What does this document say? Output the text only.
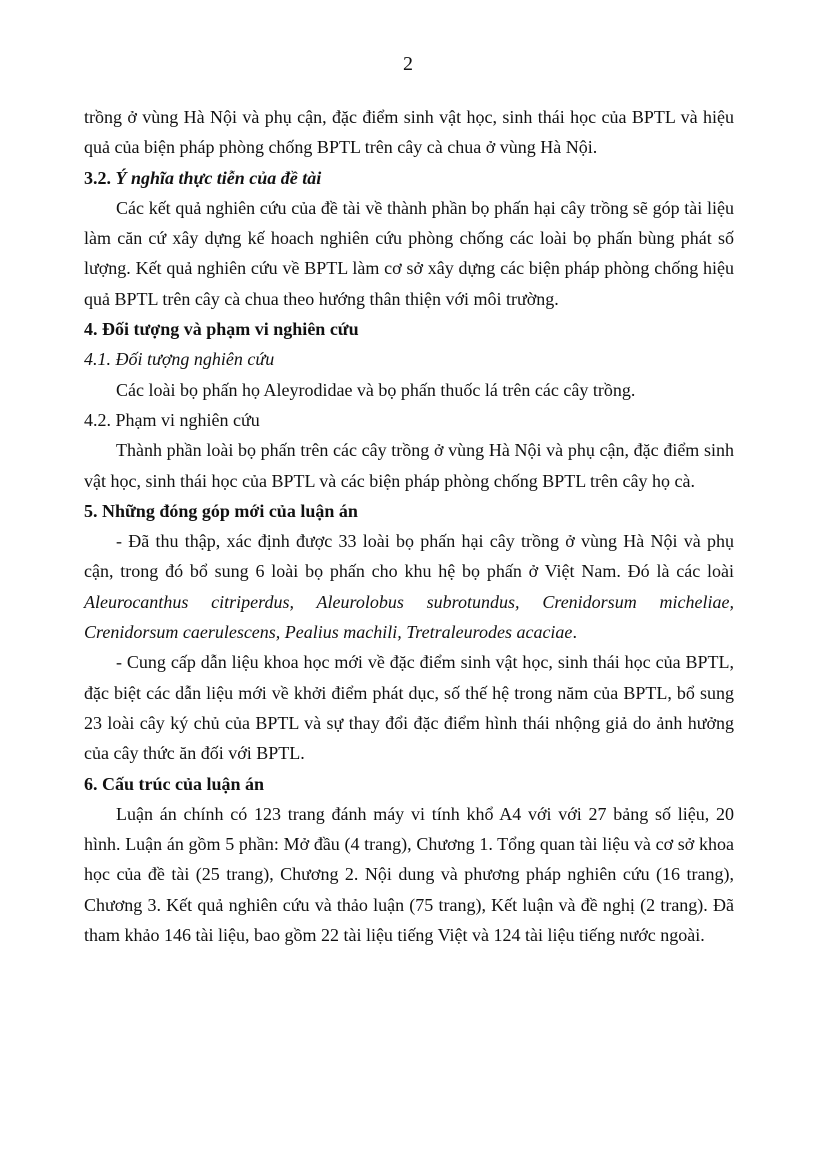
2

trồng ở vùng Hà Nội và phụ cận, đặc điểm sinh vật học, sinh thái học của BPTL và hiệu quả của biện pháp phòng chống BPTL trên cây cà chua ở vùng Hà Nội.

3.2. Ý nghĩa thực tiễn của đề tài

Các kết quả nghiên cứu của đề tài về thành phần bọ phấn hại cây trồng sẽ góp tài liệu làm căn cứ xây dựng kế hoach nghiên cứu phòng chống các loài bọ phấn bùng phát số lượng. Kết quả nghiên cứu về BPTL làm cơ sở xây dựng các biện pháp phòng chống hiệu quả BPTL trên cây cà chua theo hướng thân thiện với môi trường.

4. Đối tượng và phạm vi nghiên cứu

4.1. Đối tượng nghiên cứu

Các loài bọ phấn họ Aleyrodidae và bọ phấn thuốc lá trên các cây trồng.

4.2. Phạm vi nghiên cứu

Thành phần loài bọ phấn trên các cây trồng ở vùng Hà Nội và phụ cận, đặc điểm sinh vật học, sinh thái học của BPTL và các biện pháp phòng chống BPTL trên cây họ cà.

5. Những đóng góp mới của luận án

- Đã thu thập, xác định được 33 loài bọ phấn hại cây trồng ở vùng Hà Nội và phụ cận, trong đó bổ sung 6 loài bọ phấn cho khu hệ bọ phấn ở Việt Nam. Đó là các loài Aleurocanthus citriperdus, Aleurolobus subrotundus, Crenidorsum micheliae, Crenidorsum caerulescens, Pealius machili, Tretraleurodes acaciae.

- Cung cấp dẫn liệu khoa học mới về đặc điểm sinh vật học, sinh thái học của BPTL, đặc biệt các dẫn liệu mới về khởi điểm phát dục, số thế hệ trong năm của BPTL, bổ sung 23 loài cây ký chủ của BPTL và sự thay đổi đặc điểm hình thái nhộng giả do ảnh hưởng của cây thức ăn đối với BPTL.

6. Cấu trúc của luận án

Luận án chính có 123 trang đánh máy vi tính khổ A4 với với 27 bảng số liệu, 20 hình. Luận án gồm 5 phần: Mở đầu (4 trang), Chương 1. Tổng quan tài liệu và cơ sở khoa học của đề tài (25 trang), Chương 2. Nội dung và phương pháp nghiên cứu (16 trang), Chương 3. Kết quả nghiên cứu và thảo luận (75 trang), Kết luận và đề nghị (2 trang). Đã tham khảo 146 tài liệu, bao gồm 22 tài liệu tiếng Việt và 124 tài liệu tiếng nước ngoài.
